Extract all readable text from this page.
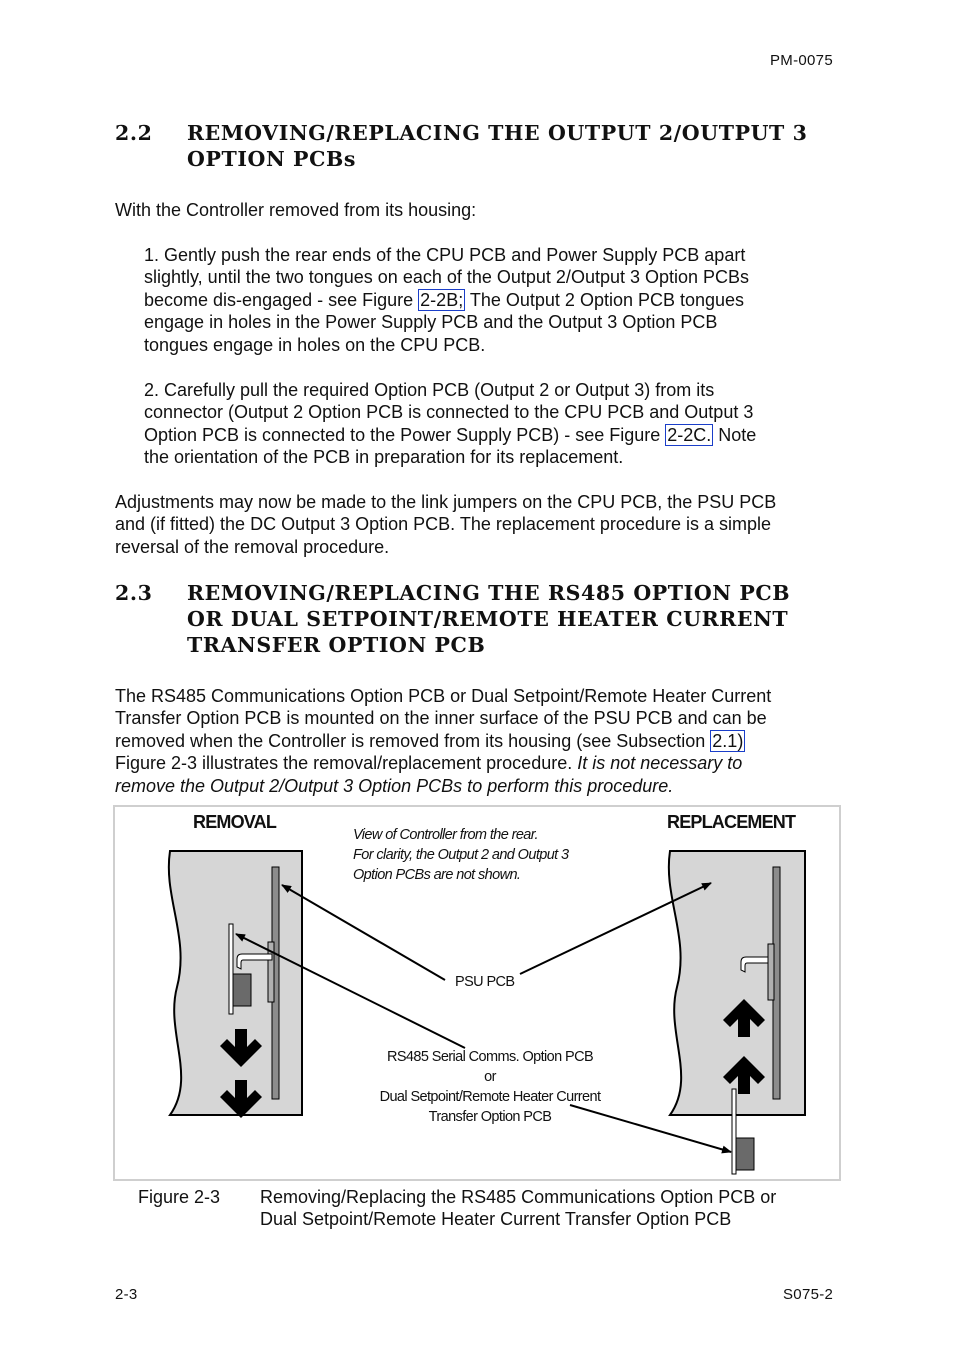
PM-0075
2.2 REMOVING/REPLACING THE OUTPUT 2/OUTPUT 3
OPTION PCBs
With the Controller removed from its housing:
1. Gently push the rear ends of the CPU PCB and Power Supply PCB apart
slightly, until the two tongues on each of the Output 2/Output 3 Option PCBs
become dis-engaged - see Figure 2-2B; The Output 2 Option PCB tongues
engage in holes in the Power Supply PCB and the Output 3 Option PCB
tongues engage in holes on the CPU PCB.
2. Carefully pull the required Option PCB (Output 2 or Output 3) from its
connector (Output 2 Option PCB is connected to the CPU PCB and Output 3
Option PCB is connected to the Power Supply PCB) - see Figure 2-2C. Note
the orientation of the PCB in preparation for its replacement.
Adjustments may now be made to the link jumpers on the CPU PCB, the PSU PCB
and (if fitted) the DC Output 3 Option PCB. The replacement procedure is a simple
reversal of the removal procedure.
2.3 REMOVING/REPLACING THE RS485 OPTION PCB
OR DUAL SETPOINT/REMOTE HEATER CURRENT
TRANSFER OPTION PCB
The RS485 Communications Option PCB or Dual Setpoint/Remote Heater Current
Transfer Option PCB is mounted on the inner surface of the PSU PCB and can be
removed when the Controller is removed from its housing (see Subsection 2.1)
Figure 2-3 illustrates the removal/replacement procedure. It is not necessary to
remove the Output 2/Output 3 Option PCBs to perform this procedure.
REMOVAL	REPLACEMENT
View of Controller from the rear.
For clarity, the Output 2 and Output 3
Option PCBs are not shown.
PSU PCB
RS485 Serial Comms. Option PCB
or
Dual Setpoint/Remote Heater Current
Transfer Option PCB
Figure 2-3 Removing/Replacing the RS485 Communications Option PCB or
Dual Setpoint/Remote Heater Current Transfer Option PCB
2-3	S075-2
